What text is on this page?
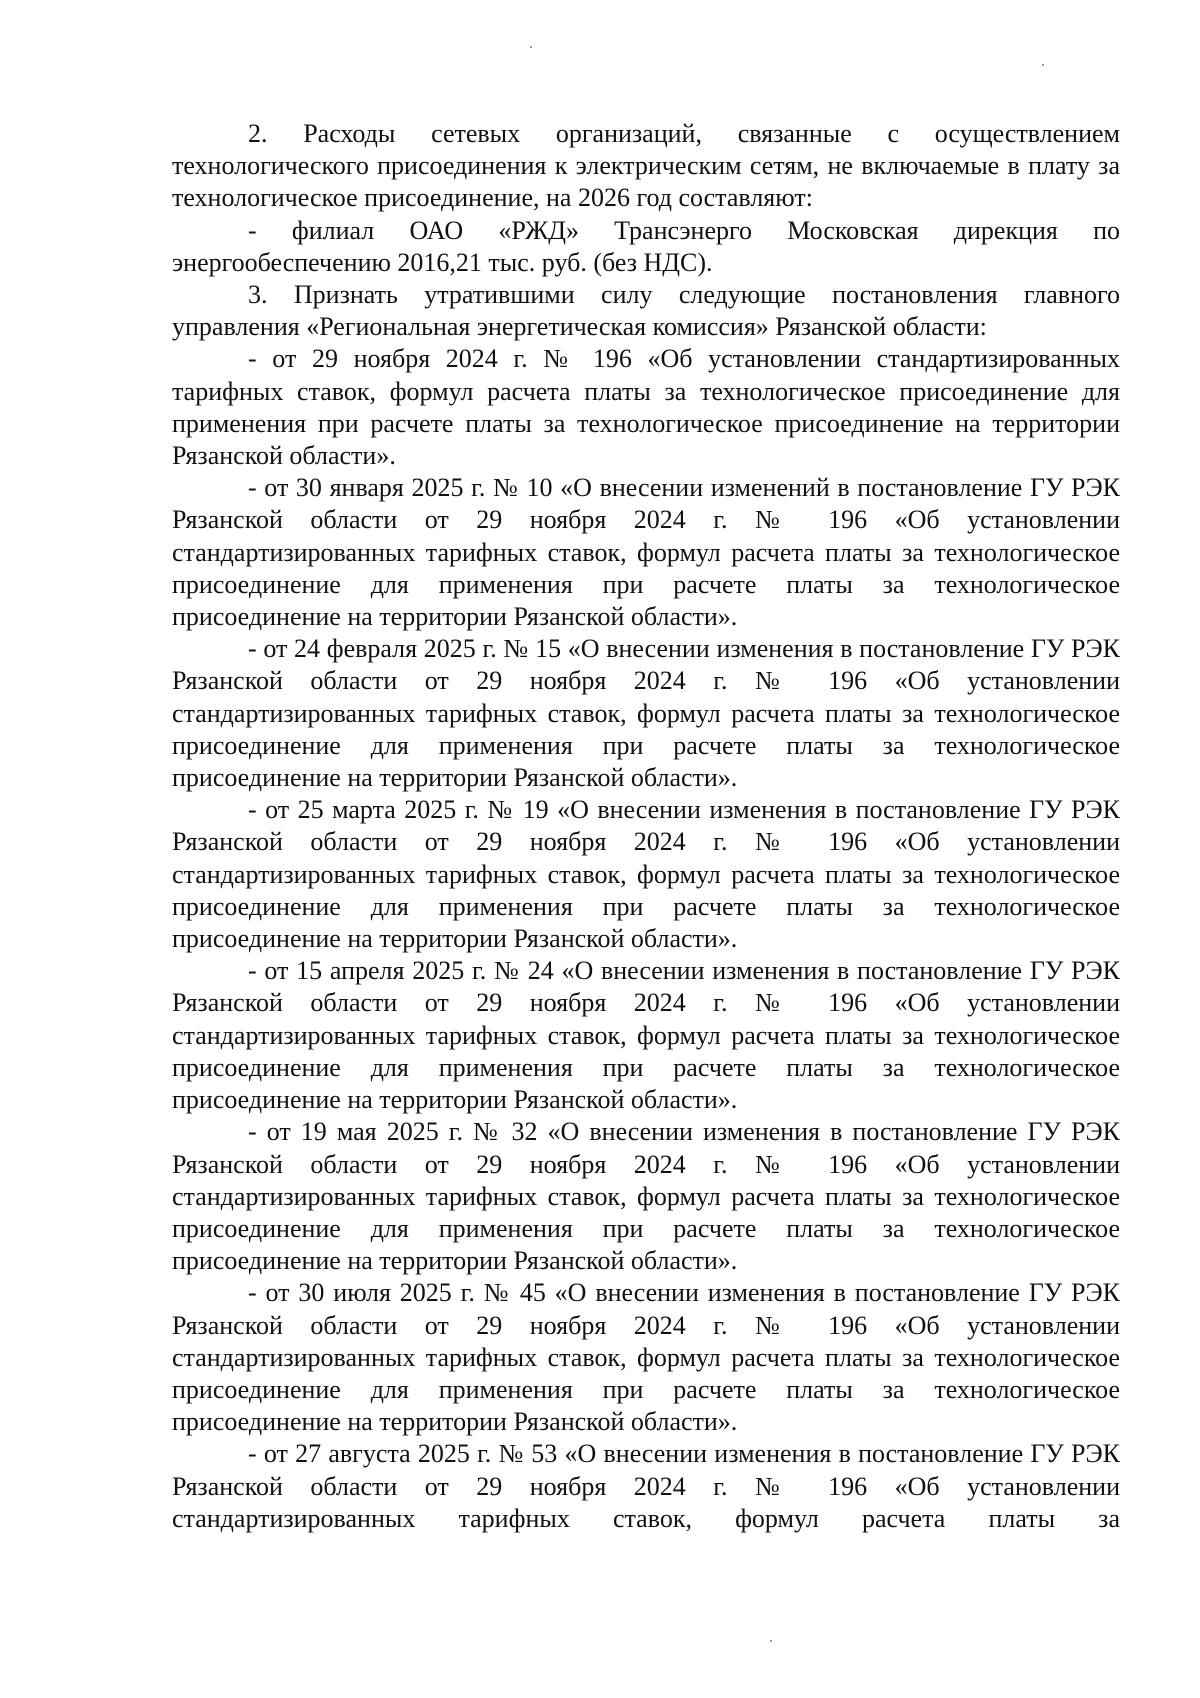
2. Расходы сетевых организаций, связанные с осуществлением технологического присоединения к электрическим сетям, не включаемые в плату за технологическое присоединение, на 2026 год составляют:

- филиал ОАО «РЖД» Трансэнерго Московская дирекция по энергообеспечению 2016,21 тыс. руб. (без НДС).

3. Признать утратившими силу следующие постановления главного управления «Региональная энергетическая комиссия» Рязанской области:

- от 29 ноября 2024 г. № 196 «Об установлении стандартизированных тарифных ставок, формул расчета платы за технологическое присоединение для применения при расчете платы за технологическое присоединение на территории Рязанской области».

- от 30 января 2025 г. № 10 «О внесении изменений в постановление ГУ РЭК Рязанской области от 29 ноября 2024 г. № 196 «Об установлении стандартизированных тарифных ставок, формул расчета платы за технологическое присоединение для применения при расчете платы за технологическое присоединение на территории Рязанской области».

- от 24 февраля 2025 г. № 15 «О внесении изменения в постановление ГУ РЭК Рязанской области от 29 ноября 2024 г. № 196 «Об установлении стандартизированных тарифных ставок, формул расчета платы за технологическое присоединение для применения при расчете платы за технологическое присоединение на территории Рязанской области».

- от 25 марта 2025 г. № 19 «О внесении изменения в постановление ГУ РЭК Рязанской области от 29 ноября 2024 г. № 196 «Об установлении стандартизированных тарифных ставок, формул расчета платы за технологическое присоединение для применения при расчете платы за технологическое присоединение на территории Рязанской области».

- от 15 апреля 2025 г. № 24 «О внесении изменения в постановление ГУ РЭК Рязанской области от 29 ноября 2024 г. № 196 «Об установлении стандартизированных тарифных ставок, формул расчета платы за технологическое присоединение для применения при расчете платы за технологическое присоединение на территории Рязанской области».

- от 19 мая 2025 г. № 32 «О внесении изменения в постановление ГУ РЭК Рязанской области от 29 ноября 2024 г. № 196 «Об установлении стандартизированных тарифных ставок, формул расчета платы за технологическое присоединение для применения при расчете платы за технологическое присоединение на территории Рязанской области».

- от 30 июля 2025 г. № 45 «О внесении изменения в постановление ГУ РЭК Рязанской области от 29 ноября 2024 г. № 196 «Об установлении стандартизированных тарифных ставок, формул расчета платы за технологическое присоединение для применения при расчете платы за технологическое присоединение на территории Рязанской области».

- от 27 августа 2025 г. № 53 «О внесении изменения в постановление ГУ РЭК Рязанской области от 29 ноября 2024 г. № 196 «Об установлении стандартизированных тарифных ставок, формул расчета платы за
